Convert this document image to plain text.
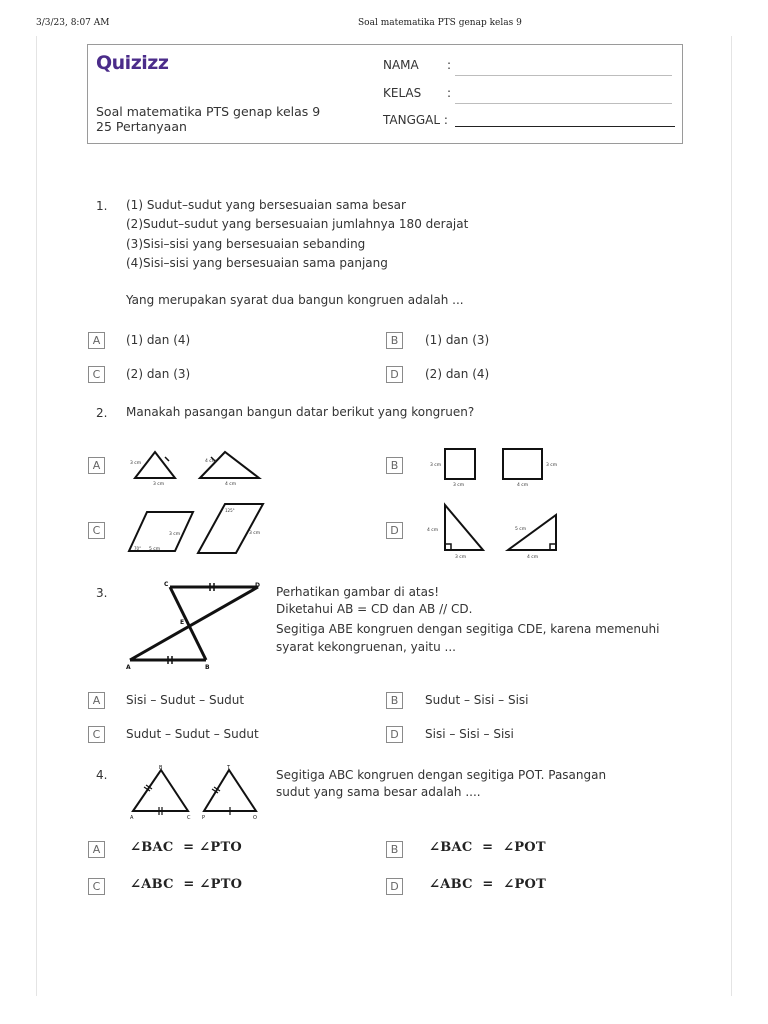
3/3/23, 8:07 AM	Soal matematika PTS genap kelas 9
Quizizz
Soal matematika PTS genap kelas 9
25 Pertanyaan
NAMA :
KELAS :
TANGGAL :
1. (1) Sudut–sudut yang bersesuaian sama besar
(2)Sudut–sudut yang bersesuaian jumlahnya 180 derajat
(3)Sisi–sisi yang bersesuaian sebanding
(4)Sisi–sisi yang bersesuaian sama panjang
Yang merupakan syarat dua bangun kongruen adalah ...
A	(1) dan (4)	B	(1) dan (3)
C	(2) dan (3)	D	(2) dan (4)
2. Manakah pasangan bangun datar berikut yang kongruen?
A	3 cm
3 cm
4 cm
4 cm
B	3 cm
3 cm
3 cm
4 cm
C	3 cm
5 cm
70°
3 cm
125°
D	4 cm
3 cm
5 cm
4 cm
3.
C	D
E
A	B
Perhatikan gambar di atas!
Diketahui AB = CD dan AB // CD.
Segitiga ABE kongruen dengan segitiga CDE, karena memenuhi
syarat kekongruenan, yaitu ...
A	Sisi – Sudut – Sudut	B	Sudut – Sisi – Sisi
C	Sudut – Sudut – Sudut	D	Sisi – Sisi – Sisi
4.	B
A	C
T
P	O
Segitiga ABC kongruen dengan segitiga POT. Pasangan
sudut yang sama besar adalah ....
A	∠BAC  = ∠PTO	B	∠BAC  =  ∠POT
C	∠ABC  = ∠PTO	D	∠ABC  =  ∠POT
